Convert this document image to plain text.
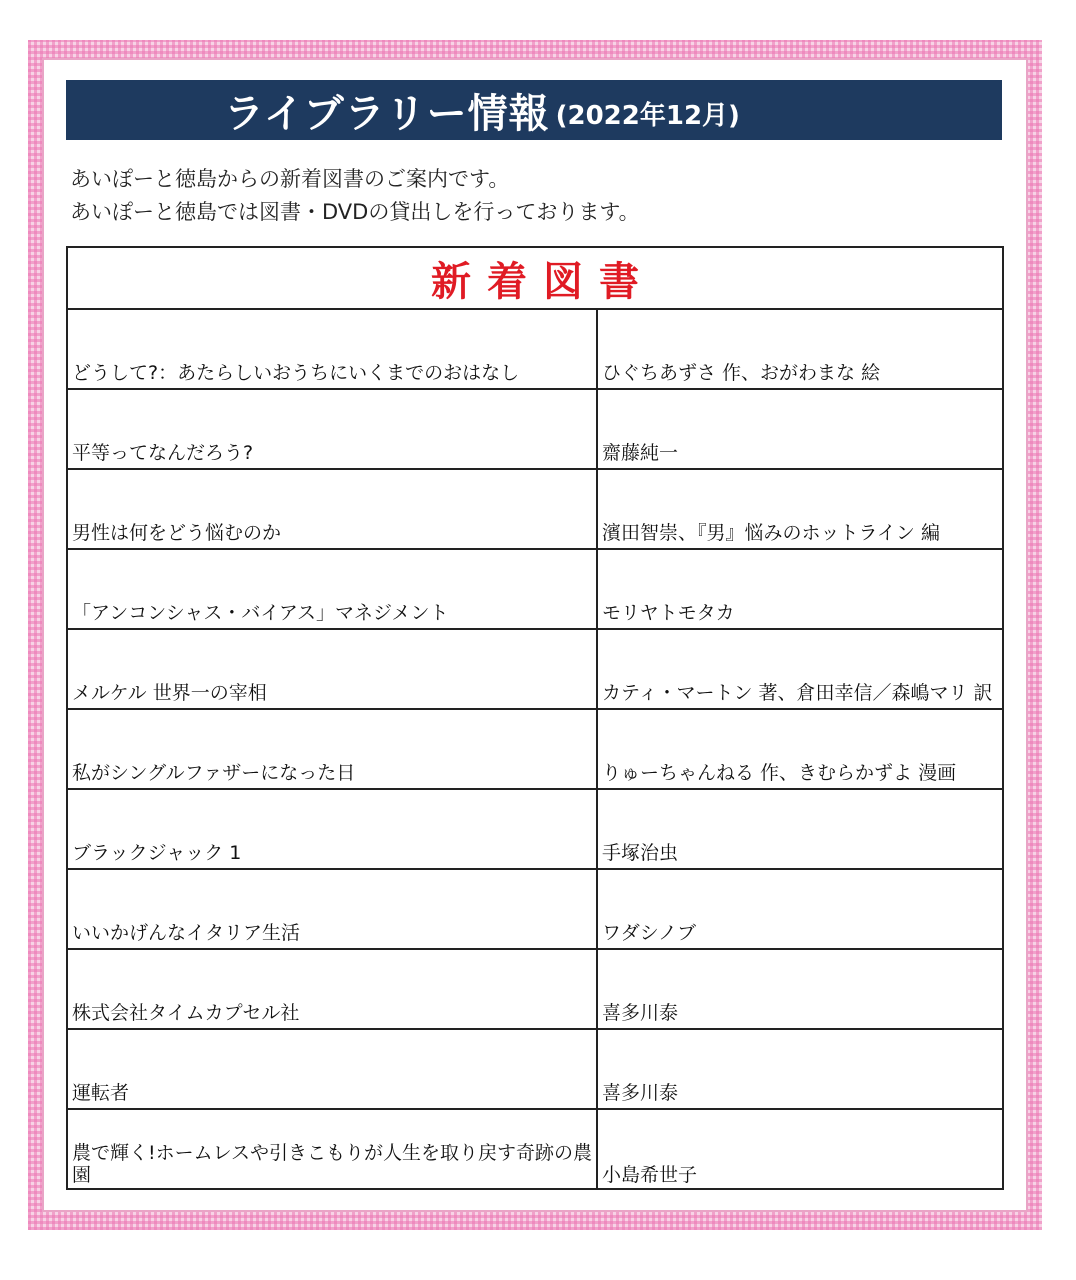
ライブラリー情報 (2022年12月)
あいぽーと徳島からの新着図書のご案内です。
あいぽーと徳島では図書・DVDの貸出しを行っております。
新着図書
どうして?：あたらしいおうちにいくまでのおはなし	ひぐちあずさ 作、おがわまな 絵
平等ってなんだろう?	齋藤純一
男性は何をどう悩むのか	濱田智崇、『男』悩みのホットライン 編
「アンコンシャス・バイアス」マネジメント	モリヤトモタカ
メルケル 世界一の宰相	カティ・マートン 著、倉田幸信／森嶋マリ 訳
私がシングルファザーになった日	りゅーちゃんねる 作、きむらかずよ 漫画
ブラックジャック 1	手塚治虫
いいかげんなイタリア生活	ワダシノブ
株式会社タイムカプセル社	喜多川泰
運転者	喜多川泰
農で輝く!ホームレスや引きこもりが人生を取り戻す奇跡の農園	小島希世子
